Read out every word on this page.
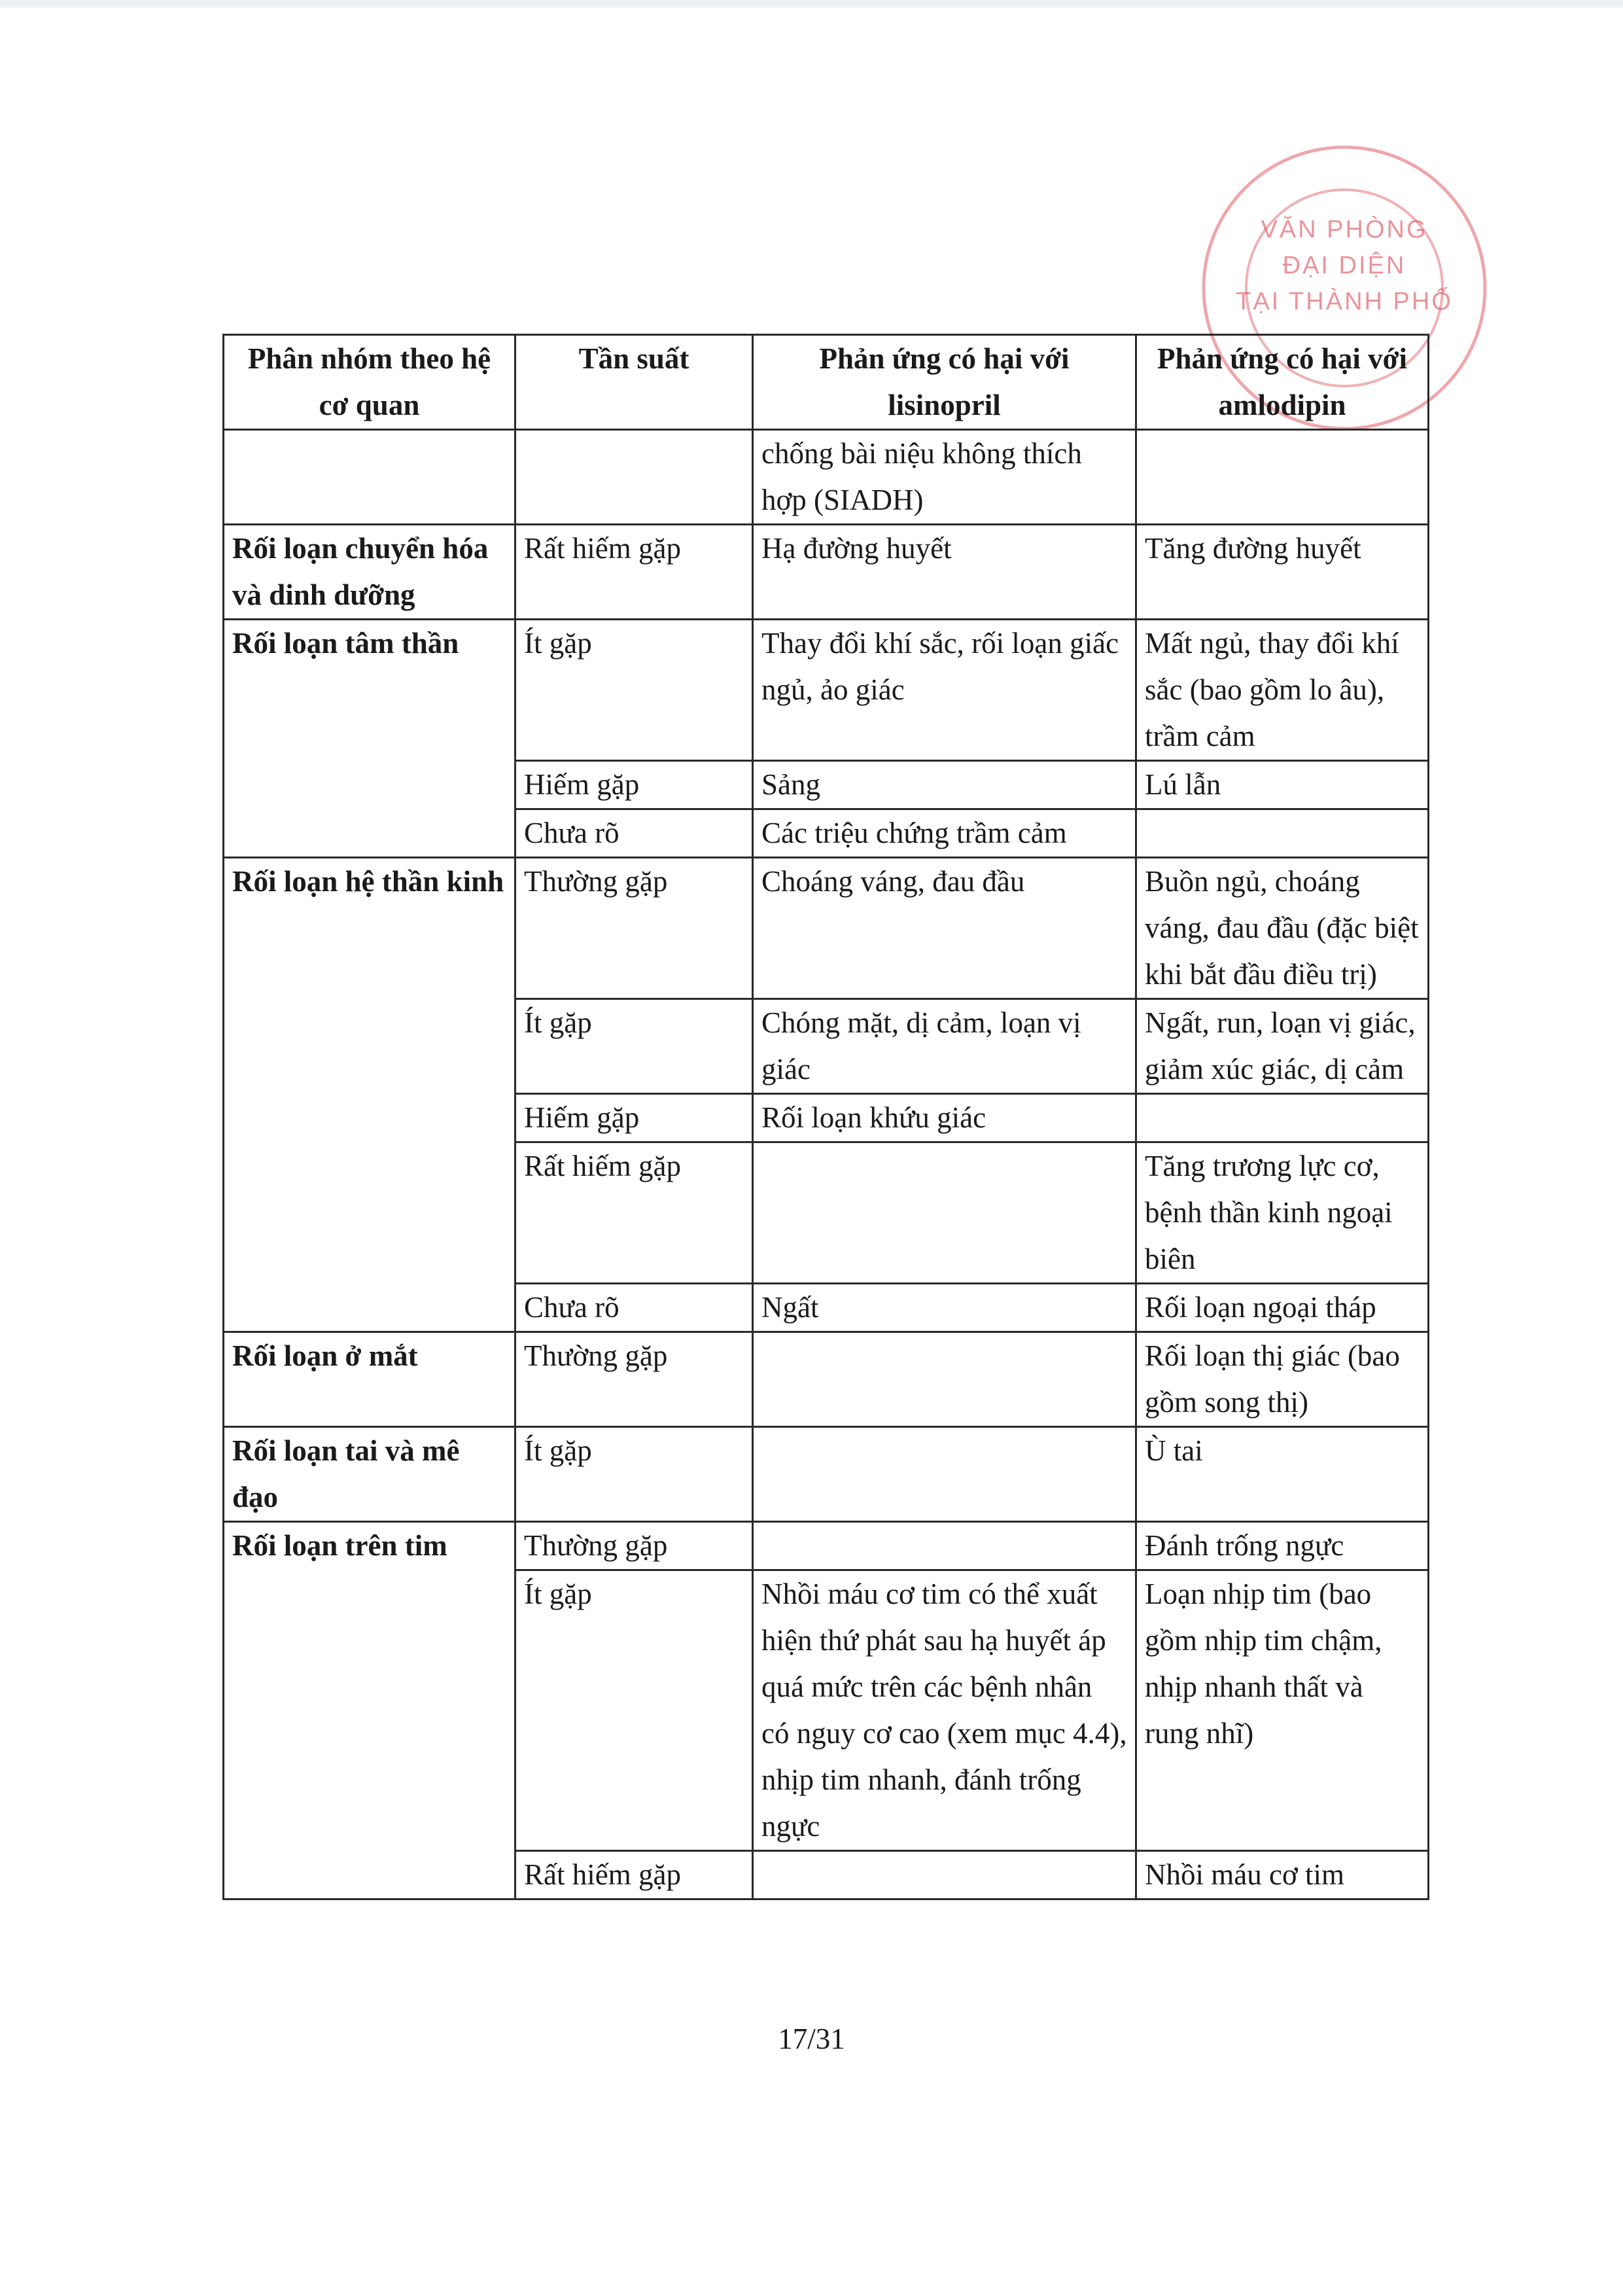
VĂN PHÒNG
ĐẠI DIỆN
TẠI THÀNH PHỐ
Phân nhóm theo hệ cơ quan	Tần suất	Phản ứng có hại với lisinopril	Phản ứng có hại với amlodipin
		chống bài niệu không thích hợp (SIADH)	
Rối loạn chuyển hóa và dinh dưỡng	Rất hiếm gặp	Hạ đường huyết	Tăng đường huyết
Rối loạn tâm thần	Ít gặp	Thay đổi khí sắc, rối loạn giấc ngủ, ảo giác	Mất ngủ, thay đổi khí sắc (bao gồm lo âu), trầm cảm
	Hiếm gặp	Sảng	Lú lẫn
	Chưa rõ	Các triệu chứng trầm cảm	
Rối loạn hệ thần kinh	Thường gặp	Choáng váng, đau đầu	Buồn ngủ, choáng váng, đau đầu (đặc biệt khi bắt đầu điều trị)
	Ít gặp	Chóng mặt, dị cảm, loạn vị giác	Ngất, run, loạn vị giác, giảm xúc giác, dị cảm
	Hiếm gặp	Rối loạn khứu giác	
	Rất hiếm gặp		Tăng trương lực cơ, bệnh thần kinh ngoại biên
	Chưa rõ	Ngất	Rối loạn ngoại tháp
Rối loạn ở mắt	Thường gặp		Rối loạn thị giác (bao gồm song thị)
Rối loạn tai và mê đạo	Ít gặp		Ù tai
Rối loạn trên tim	Thường gặp		Đánh trống ngực
	Ít gặp	Nhồi máu cơ tim có thể xuất hiện thứ phát sau hạ huyết áp quá mức trên các bệnh nhân có nguy cơ cao (xem mục 4.4), nhịp tim nhanh, đánh trống ngực	Loạn nhịp tim (bao gồm nhịp tim chậm, nhịp nhanh thất và rung nhĩ)
	Rất hiếm gặp		Nhồi máu cơ tim
17/31
